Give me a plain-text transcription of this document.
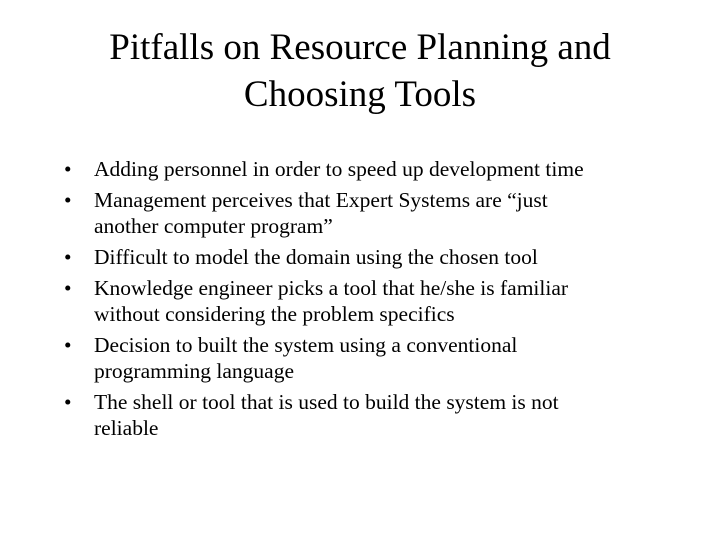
Pitfalls on Resource Planning and
Choosing Tools
• Adding personnel in order to speed up development time
• Management perceives that Expert Systems are “just
another computer program”
• Difficult to model the domain using the chosen tool
• Knowledge engineer picks a tool that he/she is familiar
without considering the problem specifics
• Decision to built the system using a conventional
programming language
• The shell or tool that is used to build the system is not
reliable
